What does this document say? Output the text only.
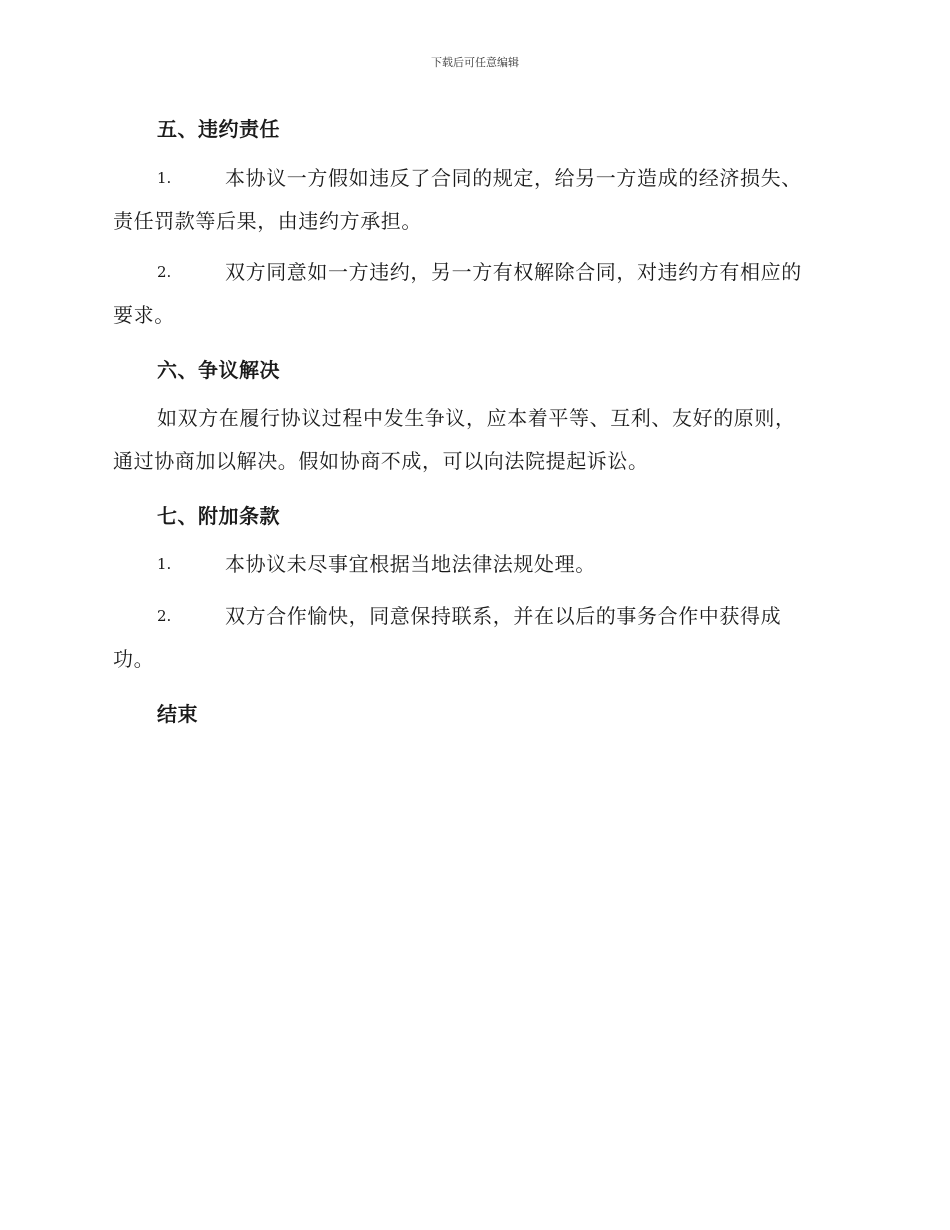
下载后可任意编辑
五、违约责任
1.	本协议一方假如违反了合同的规定，给另一方造成的经济损失、
责任罚款等后果，由违约方承担。
2.	双方同意如一方违约，另一方有权解除合同，对违约方有相应的
要求。
六、争议解决
如双方在履行协议过程中发生争议，应本着平等、互利、友好的原则，
通过协商加以解决。假如协商不成，可以向法院提起诉讼。
七、附加条款
1.	本协议未尽事宜根据当地法律法规处理。
2.	双方合作愉快，同意保持联系，并在以后的事务合作中获得成
功。
结束
